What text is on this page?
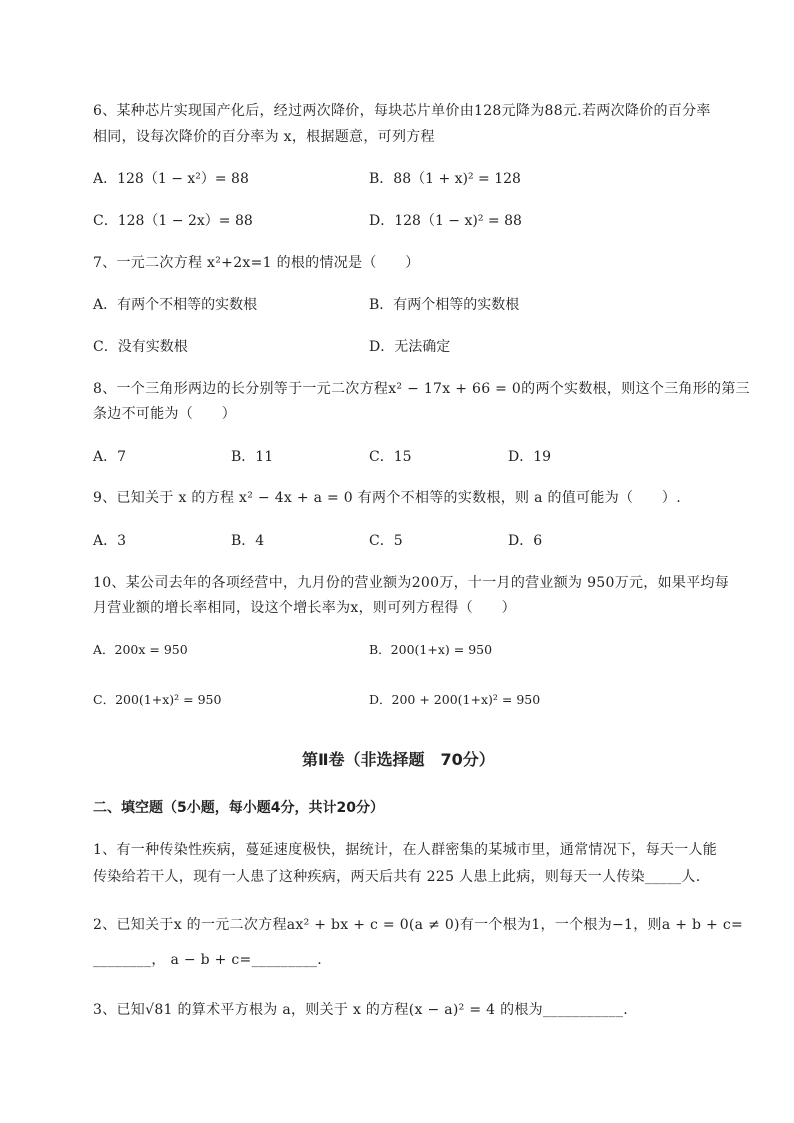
6、某种芯片实现国产化后，经过两次降价，每块芯片单价由128元降为88元.若两次降价的百分率
相同，设每次降价的百分率为 x，根据题意，可列方程
A．128（1 − x²）= 88	B．88（1 + x)² = 128
C．128（1 − 2x）= 88	D．128（1 − x)² = 88
7、一元二次方程 x²+2x=1 的根的情况是（　　）
A．有两个不相等的实数根	B．有两个相等的实数根
C．没有实数根	D．无法确定
8、一个三角形两边的长分别等于一元二次方程x² − 17x + 66 = 0的两个实数根，则这个三角形的第三
条边不可能为（　　）
A．7	B．11	C．15	D．19
9、已知关于 x 的方程 x² − 4x + a = 0 有两个不相等的实数根，则 a 的值可能为（　　）.
A．3	B．4	C．5	D．6
10、某公司去年的各项经营中，九月份的营业额为200万，十一月的营业额为 950万元，如果平均每
月营业额的增长率相同，设这个增长率为x，则可列方程得（　　）
A．200x = 950	B．200(1+x) = 950
C．200(1+x)² = 950	D．200 + 200(1+x)² = 950
第Ⅱ卷（非选择题　70分）
二、填空题（5小题，每小题4分，共计20分）
1、有一种传染性疾病，蔓延速度极快，据统计，在人群密集的某城市里，通常情况下，每天一人能
传染给若干人，现有一人患了这种疾病，两天后共有 225 人患上此病，则每天一人传染_____人.
2、已知关于x 的一元二次方程ax² + bx + c = 0(a ≠ 0)有一个根为1，一个根为−1，则a + b + c=
________， a − b + c=_________.
3、已知√81 的算术平方根为 a，则关于 x 的方程(x − a)² = 4 的根为___________.
